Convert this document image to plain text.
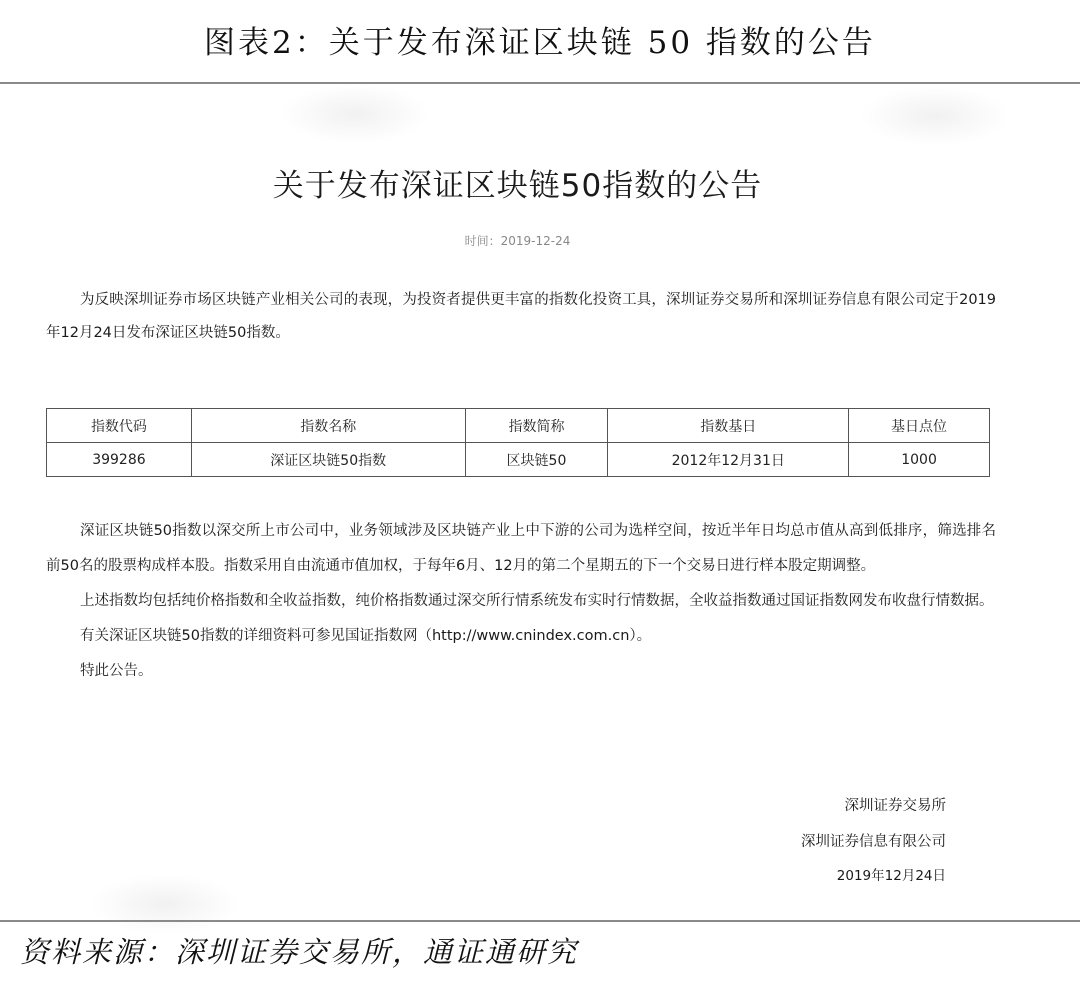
图表2：关于发布深证区块链 50 指数的公告
关于发布深证区块链50指数的公告
时间：2019-12-24
为反映深圳证券市场区块链产业相关公司的表现，为投资者提供更丰富的指数化投资工具，深圳证券交易所和深圳证券信息有限公司定于2019年12月24日发布深证区块链50指数。
指数代码	指数名称	指数简称	指数基日	基日点位
399286	深证区块链50指数	区块链50	2012年12月31日	1000

深证区块链50指数以深交所上市公司中，业务领域涉及区块链产业上中下游的公司为选样空间，按近半年日均总市值从高到低排序，筛选排名前50名的股票构成样本股。指数采用自由流通市值加权，于每年6月、12月的第二个星期五的下一个交易日进行样本股定期调整。

上述指数均包括纯价格指数和全收益指数，纯价格指数通过深交所行情系统发布实时行情数据，全收益指数通过国证指数网发布收盘行情数据。

有关深证区块链50指数的详细资料可参见国证指数网（http://www.cnindex.com.cn）。

特此公告。

深圳证券交易所
深圳证券信息有限公司
2019年12月24日
资料来源：深圳证券交易所，通证通研究
